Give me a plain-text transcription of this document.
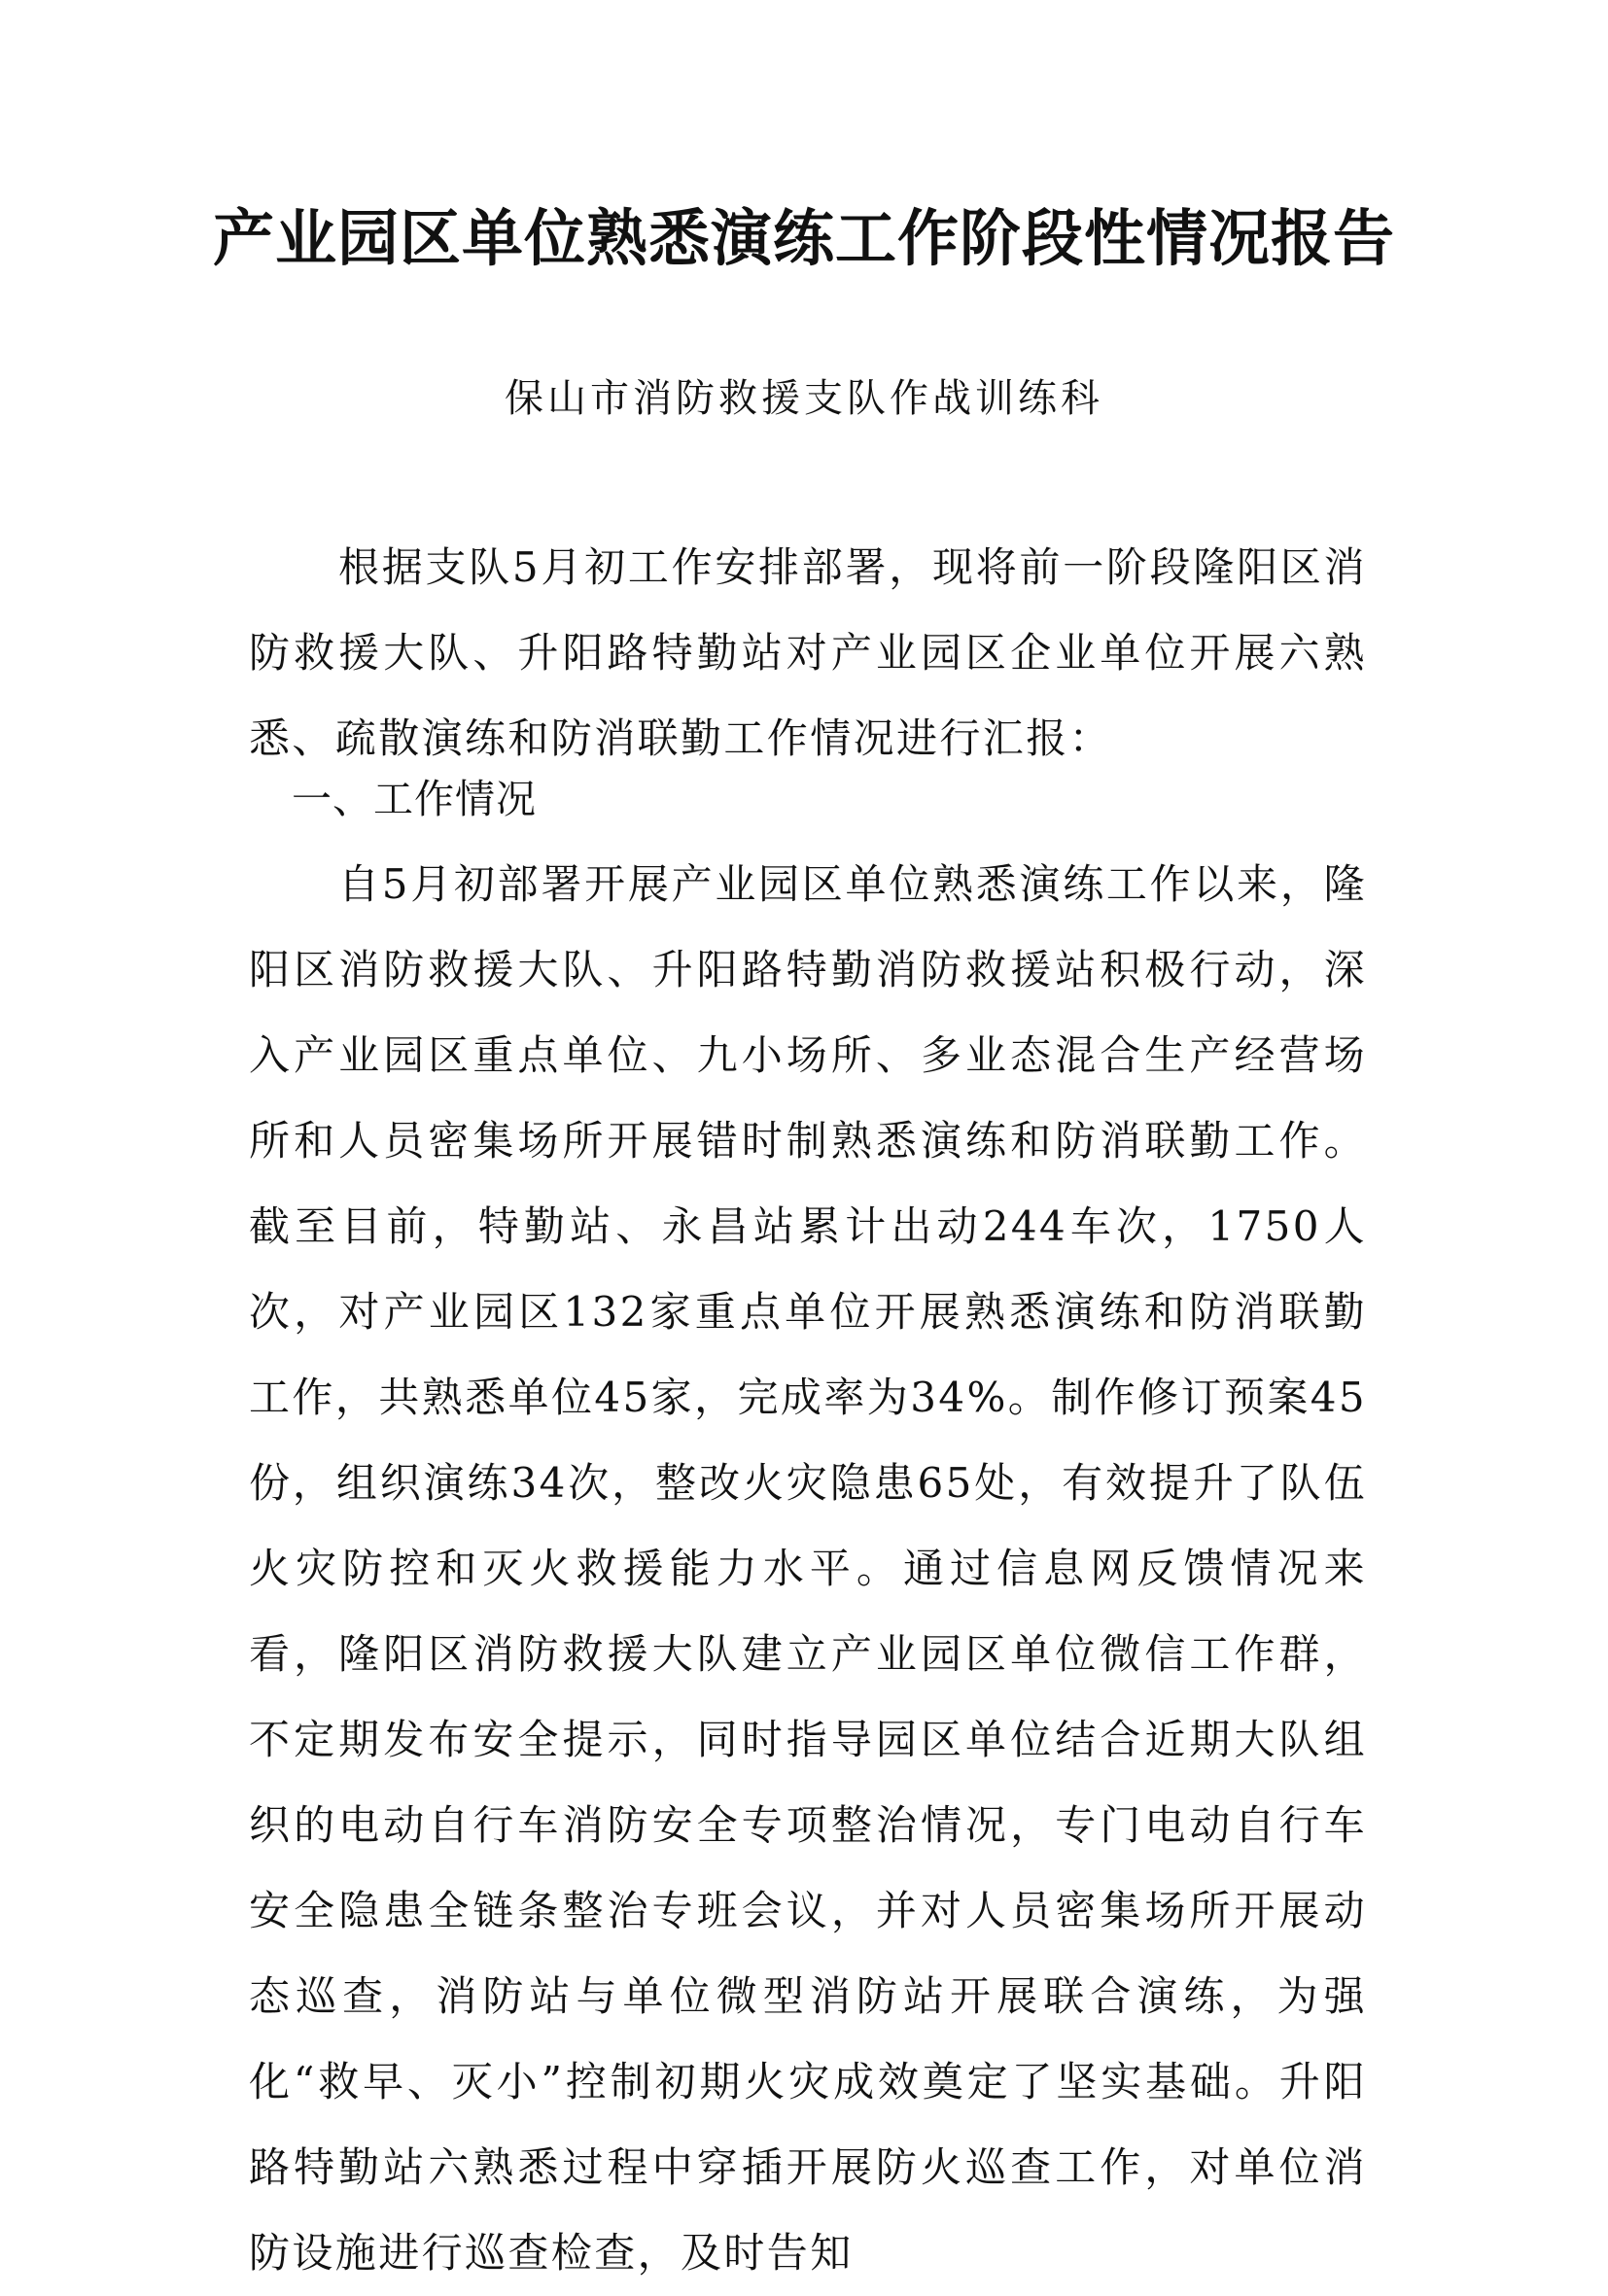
产业园区单位熟悉演练工作阶段性情况报告
保山市消防救援支队作战训练科

根据支队5月初工作安排部署，现将前一阶段隆阳区消防救援大队、升阳路特勤站对产业园区企业单位开展六熟悉、疏散演练和防消联勤工作情况进行汇报：

一、工作情况

自5月初部署开展产业园区单位熟悉演练工作以来，隆阳区消防救援大队、升阳路特勤消防救援站积极行动，深入产业园区重点单位、九小场所、多业态混合生产经营场所和人员密集场所开展错时制熟悉演练和防消联勤工作。截至目前，特勤站、永昌站累计出动244车次，1750人次，对产业园区132家重点单位开展熟悉演练和防消联勤工作，共熟悉单位45家，完成率为34%。制作修订预案45份，组织演练34次，整改火灾隐患65处，有效提升了队伍火灾防控和灭火救援能力水平。通过信息网反馈情况来看，隆阳区消防救援大队建立产业园区单位微信工作群，不定期发布安全提示，同时指导园区单位结合近期大队组织的电动自行车消防安全专项整治情况，专门电动自行车安全隐患全链条整治专班会议，并对人员密集场所开展动态巡查，消防站与单位微型消防站开展联合演练，为强化“救早、灭小”控制初期火灾成效奠定了坚实基础。升阳路特勤站六熟悉过程中穿插开展防火巡查工作，对单位消防设施进行巡查检查，及时告知
